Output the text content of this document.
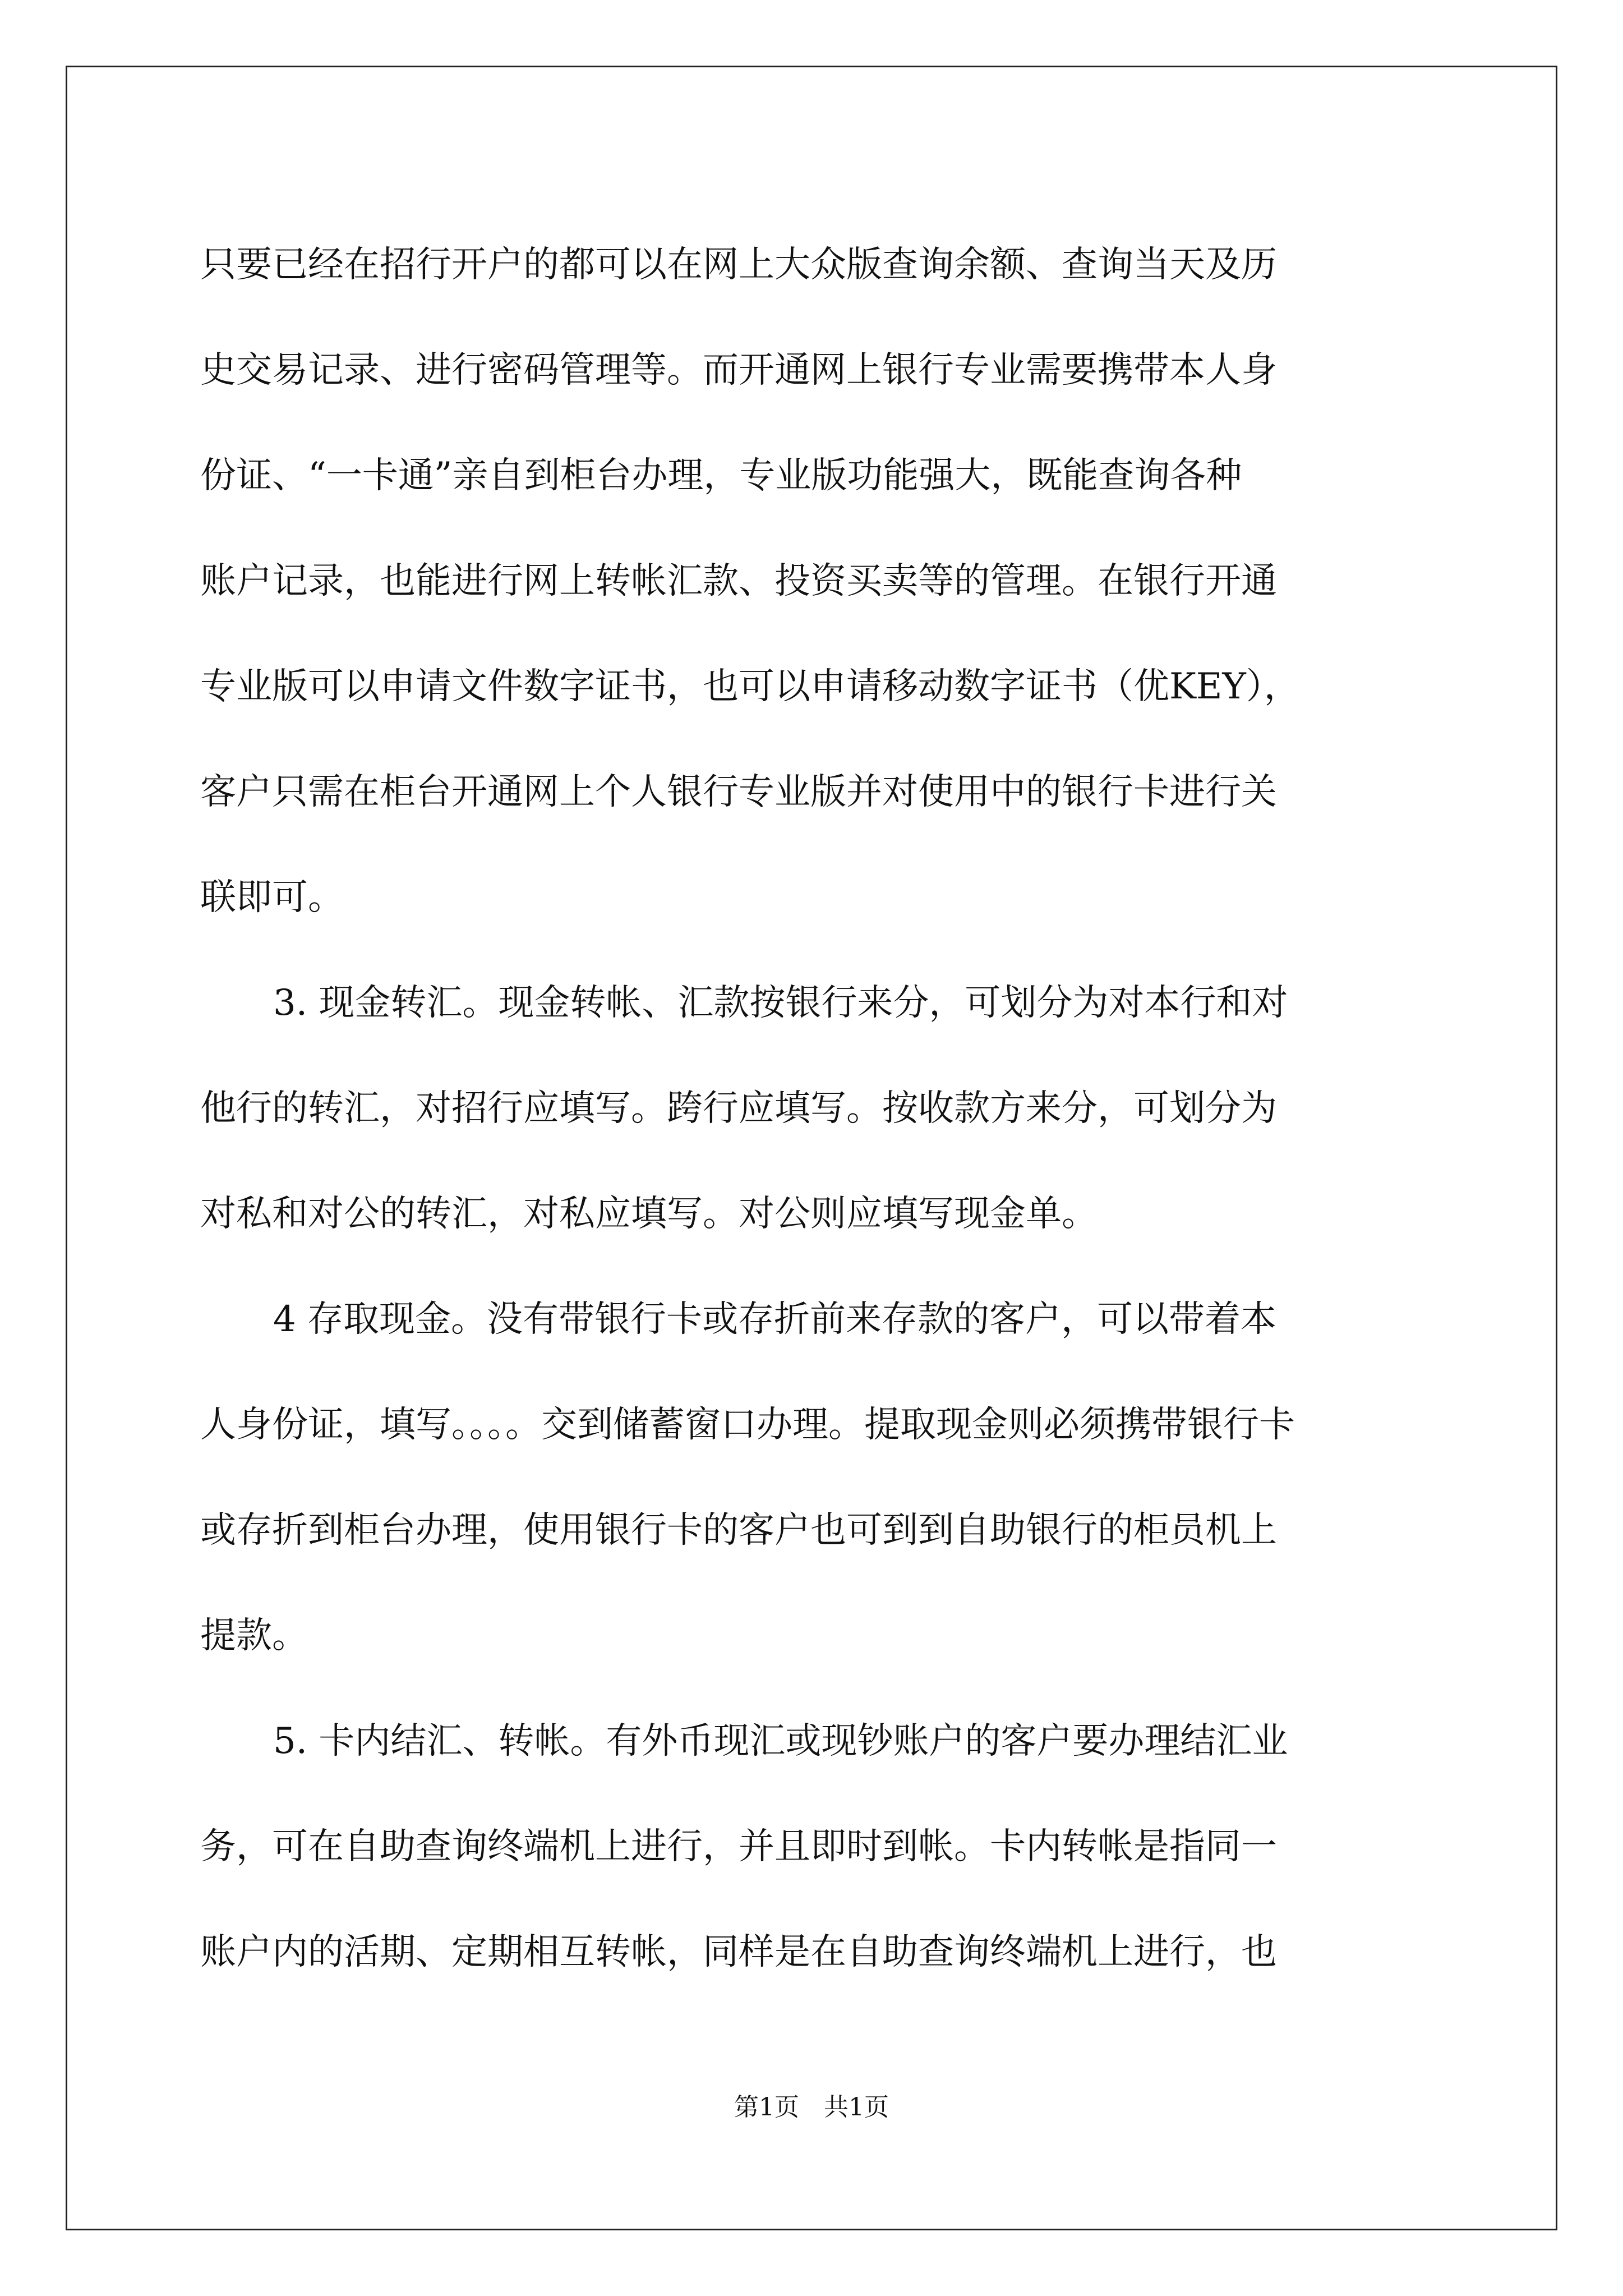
只要已经在招行开户的都可以在网上大众版查询余额、查询当天及历
史交易记录、进行密码管理等。而开通网上银行专业需要携带本人身
份证、“一卡通”亲自到柜台办理，专业版功能强大，既能查询各种
账户记录，也能进行网上转帐汇款、投资买卖等的管理。在银行开通
专业版可以申请文件数字证书，也可以申请移动数字证书（优KEY），
客户只需在柜台开通网上个人银行专业版并对使用中的银行卡进行关
联即可。
3. 现金转汇。现金转帐、汇款按银行来分，可划分为对本行和对
他行的转汇，对招行应填写。跨行应填写。按收款方来分，可划分为
对私和对公的转汇，对私应填写。对公则应填写现金单。
4 存取现金。没有带银行卡或存折前来存款的客户，可以带着本
人身份证，填写。。。。交到储蓄窗口办理。提取现金则必须携带银行卡
或存折到柜台办理，使用银行卡的客户也可到到自助银行的柜员机上
提款。
5. 卡内结汇、转帐。有外币现汇或现钞账户的客户要办理结汇业
务，可在自助查询终端机上进行，并且即时到帐。卡内转帐是指同一
账户内的活期、定期相互转帐，同样是在自助查询终端机上进行，也
第1页　共1页
